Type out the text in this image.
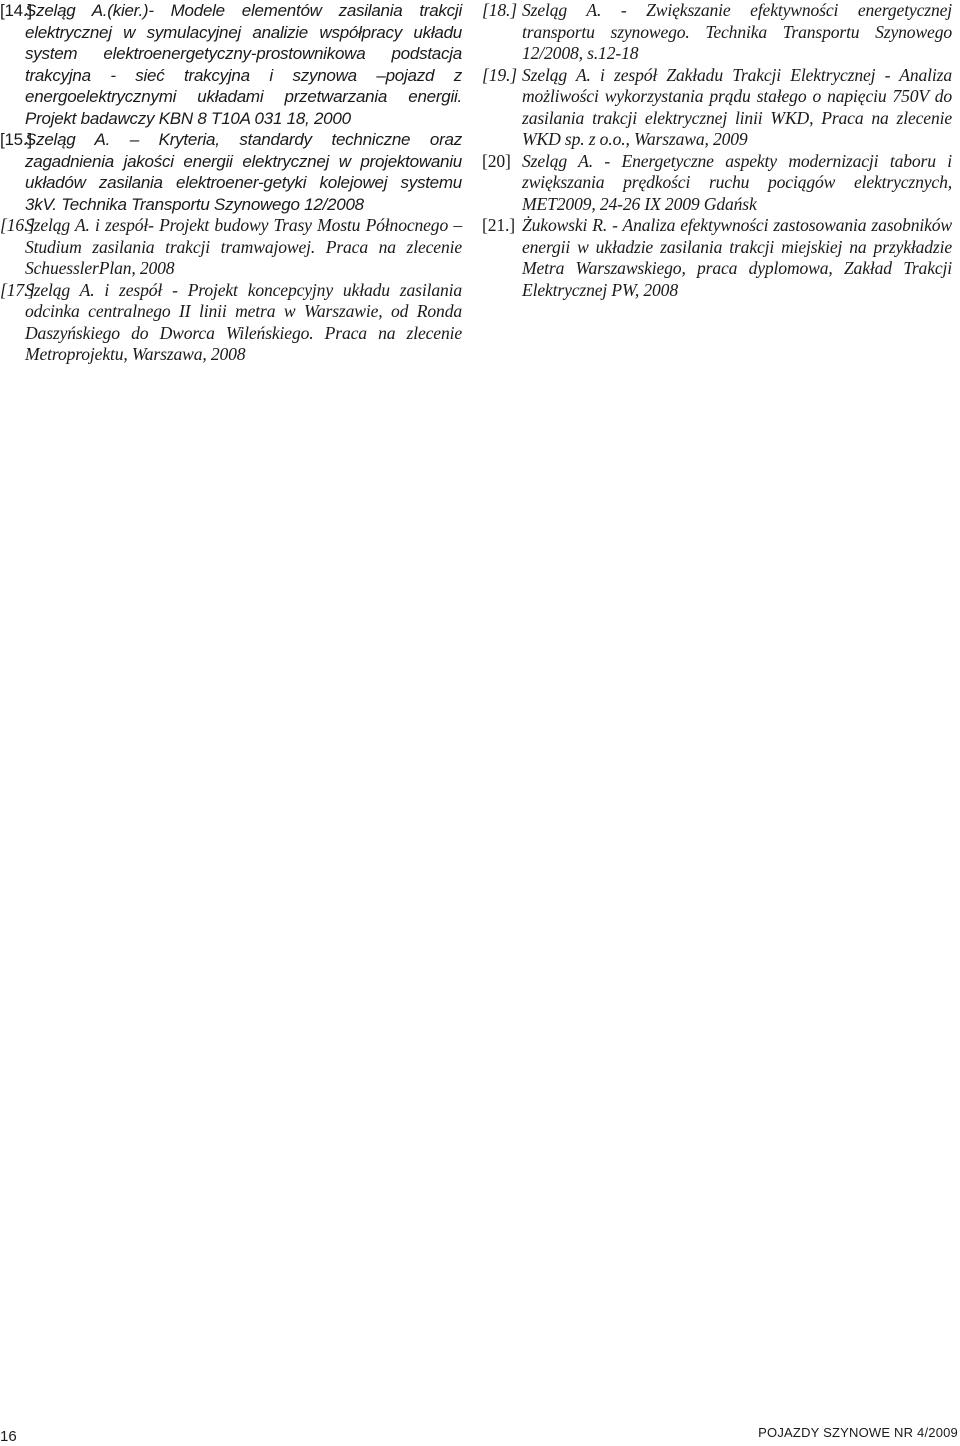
[14.]
Szeląg A.(kier.)- Modele elementów zasilania trakcji elektrycznej w symulacyjnej analizie współpracy układu system elektroenergetyczny-prostownikowa podstacja trakcyjna - sieć trakcyjna i szynowa –pojazd z energoelektrycznymi układami przetwarzania energii. Projekt badawczy KBN 8 T10A 031 18, 2000
[15.]
Szeląg A. – Kryteria, standardy techniczne oraz zagadnienia jakości energii elektrycznej w projektowaniu układów zasilania elektroener-getyki kolejowej systemu 3kV. Technika Transportu Szynowego 12/2008
[16.]
Szeląg A. i zespół- Projekt budowy Trasy Mostu Północnego – Studium zasilania trakcji tramwajowej. Praca na zlecenie SchuesslerPlan, 2008
[17.]
Szeląg A. i zespół - Projekt koncepcyjny układu zasilania odcinka centralnego II linii metra w Warszawie, od Ronda Daszyńskiego do Dworca Wileńskiego. Praca na zlecenie Metroprojektu, Warszawa, 2008
[18.] Szeląg A. - Zwiększanie efektywności energetycznej transportu szynowego. Technika Transportu Szynowego 12/2008, s.12-18
[19.] Szeląg A. i zespół Zakładu Trakcji Elektrycznej - Analiza możliwości wykorzystania prądu stałego o napięciu 750V do zasilania trakcji elektrycznej linii WKD, Praca na zlecenie WKD sp. z o.o., Warszawa, 2009
[20] Szeląg A. - Energetyczne aspekty modernizacji taboru i zwiększania prędkości ruchu pociągów elektrycznych, MET2009, 24-26 IX 2009 Gdańsk
[21.] Żukowski R. - Analiza efektywności zastosowania zasobników energii w układzie zasilania trakcji miejskiej na przykładzie Metra Warszawskiego, praca dyplomowa, Zakład Trakcji Elektrycznej PW, 2008
16	POJAZDY SZYNOWE NR 4/2009
